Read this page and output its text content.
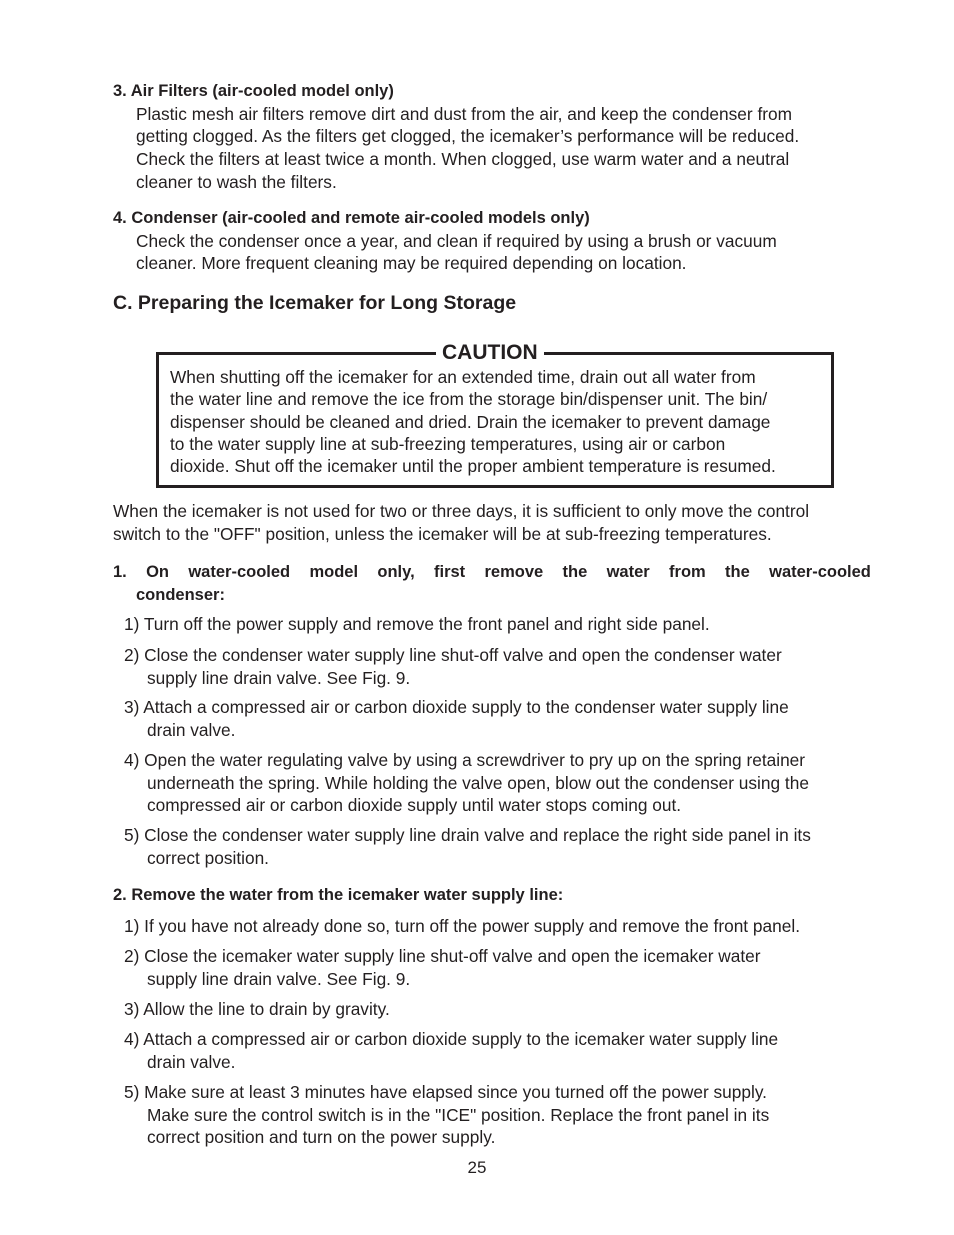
3. Air Filters (air-cooled model only)
Plastic mesh air filters remove dirt and dust from the air, and keep the condenser from
getting clogged. As the filters get clogged, the icemaker’s performance will be reduced.
Check the filters at least twice a month. When clogged, use warm water and a neutral
cleaner to wash the filters.
4. Condenser (air-cooled and remote air-cooled models only)
Check the condenser once a year, and clean if required by using a brush or vacuum
cleaner. More frequent cleaning may be required depending on location.
C. Preparing the Icemaker for Long Storage
CAUTION
When shutting off the icemaker for an extended time, drain out all water from
the water line and remove the ice from the storage bin/dispenser unit. The bin/
dispenser should be cleaned and dried. Drain the icemaker to prevent damage
to the water supply line at sub-freezing temperatures, using air or carbon
dioxide. Shut off the icemaker until the proper ambient temperature is resumed.
When the icemaker is not used for two or three days, it is sufficient to only move the control
switch to the "OFF" position, unless the icemaker will be at sub-freezing temperatures.
1. On water-cooled model only, first remove the water from the water-cooled
condenser:
1) Turn off the power supply and remove the front panel and right side panel.
2) Close the condenser water supply line shut-off valve and open the condenser water
supply line drain valve. See Fig. 9.
3) Attach a compressed air or carbon dioxide supply to the condenser water supply line
drain valve.
4) Open the water regulating valve by using a screwdriver to pry up on the spring retainer
underneath the spring. While holding the valve open, blow out the condenser using the
compressed air or carbon dioxide supply until water stops coming out.
5) Close the condenser water supply line drain valve and replace the right side panel in its
correct position.
2. Remove the water from the icemaker water supply line:
1) If you have not already done so, turn off the power supply and remove the front panel.
2) Close the icemaker water supply line shut-off valve and open the icemaker water
supply line drain valve. See Fig. 9.
3) Allow the line to drain by gravity.
4) Attach a compressed air or carbon dioxide supply to the icemaker water supply line
drain valve.
5) Make sure at least 3 minutes have elapsed since you turned off the power supply.
Make sure the control switch is in the "ICE" position. Replace the front panel in its
correct position and turn on the power supply.
25
